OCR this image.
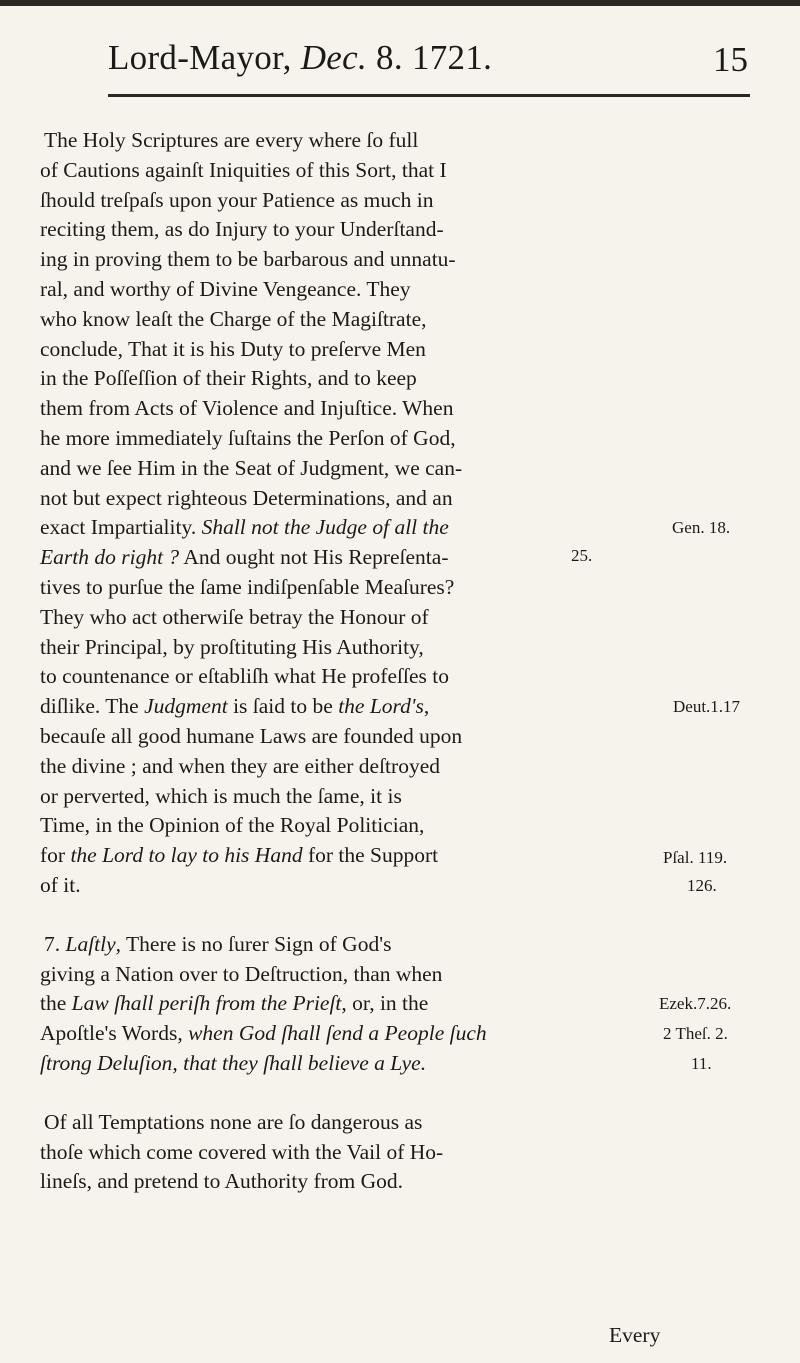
Lord-Mayor, Dec. 8. 1721.	15
The Holy Scriptures are every where ſo full
of Cautions againſt Iniquities of this Sort, that I
ſhould treſpaſs upon your Patience as much in
reciting them, as do Injury to your Underſtand-
ing in proving them to be barbarous and unnatu-
ral, and worthy of Divine Vengeance. They
who know leaſt the Charge of the Magiſtrate,
conclude, That it is his Duty to preſerve Men
in the Poſſeſſion of their Rights, and to keep
them from Acts of Violence and Injuſtice. When
he more immediately ſuſtains the Perſon of God,
and we ſee Him in the Seat of Judgment, we can-
not but expect righteous Determinations, and an
exact Impartiality. Shall not the Judge of all the	Gen. 18.
Earth do right ? And ought not His Repreſenta-	25.
tives to purſue the ſame indiſpenſable Meaſures?
They who act otherwiſe betray the Honour of
their Principal, by proſtituting His Authority,
to countenance or eſtabliſh what He profeſſes to
diſlike. The Judgment is ſaid to be the Lord's,	Deut.1.17
becauſe all good humane Laws are founded upon
the divine ; and when they are either deſtroyed
or perverted, which is much the ſame, it is
Time, in the Opinion of the Royal Politician,
for the Lord to lay to his Hand for the Support	Pſal. 119.
of it.	126.
7. Laſtly, There is no ſurer Sign of God's
giving a Nation over to Deſtruction, than when
the Law ſhall periſh from the Prieſt, or, in the	Ezek.7.26.
Apoſtle's Words, when God ſhall ſend a People ſuch	2 Theſ. 2.
ſtrong Deluſion, that they ſhall believe a Lye.	11.
Of all Temptations none are ſo dangerous as
thoſe which come covered with the Vail of Ho-
lineſs, and pretend to Authority from God.
Every
